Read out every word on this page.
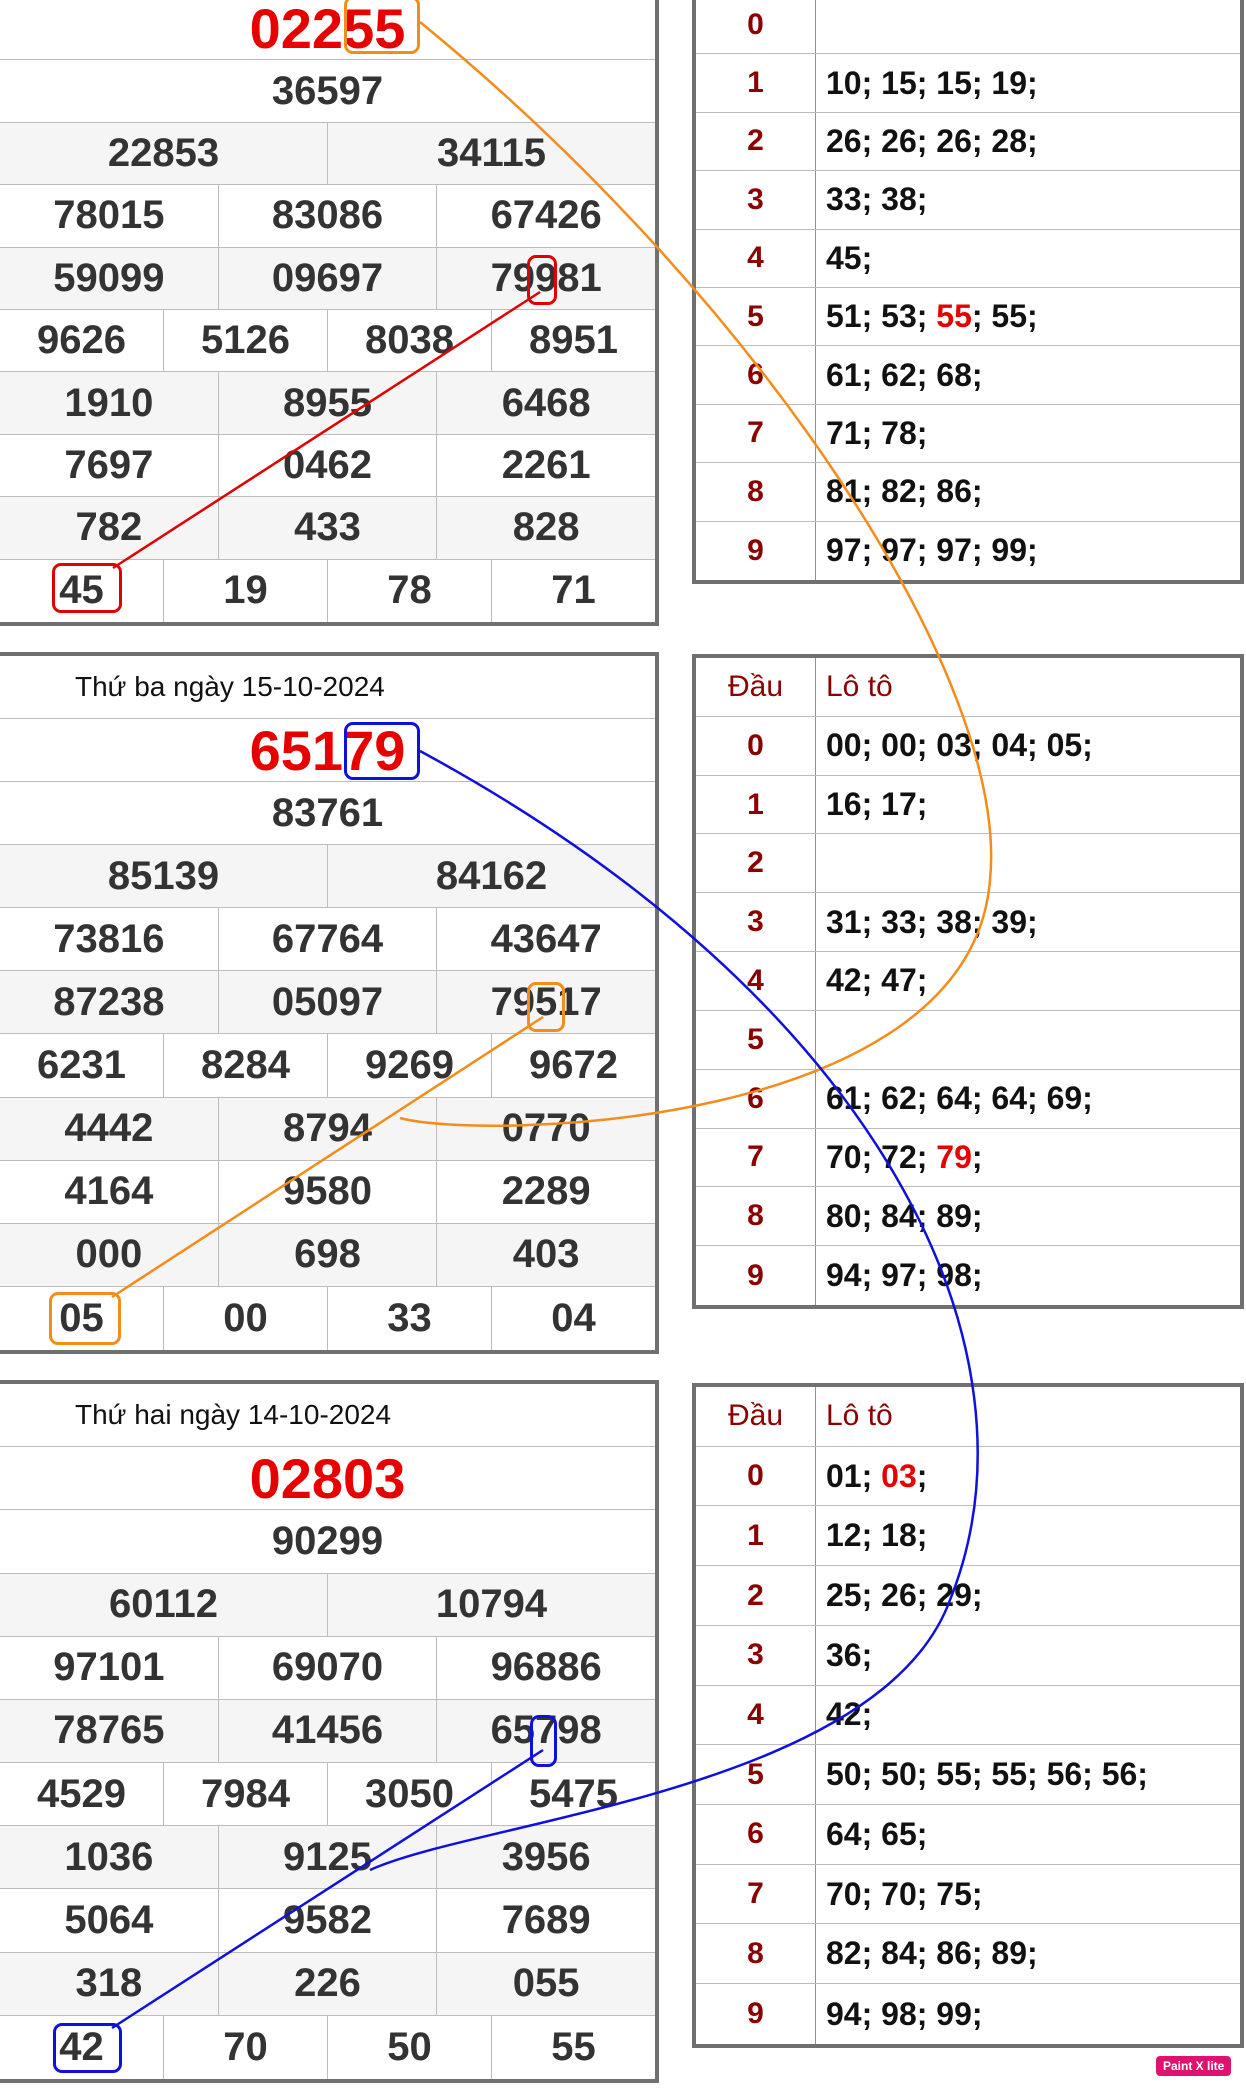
022 55
36597
22853	34115
78015	83086	67426
59099	09697	79981
9626	5126	8038	8951
1910	8955	6468
7697	0462	2261
782	433	828
45	19	78	71
Thứ ba ngày 15-10-2024
651 79
83761
85139	84162
73816	67764	43647
87238	05097	79517
6231	8284	9269	9672
4442	8794	0770
4164	9580	2289
000	698	403
05	00	33	04
Thứ hai ngày 14-10-2024
02803
90299
60112	10794
97101	69070	96886
78765	41456	65798
4529	7984	3050	5475
1036	9125	3956
5064	9582	7689
318	226	055
42	70	50	55
0
1	10; 15; 15; 19;
2	26; 26; 26; 28;
3	33; 38;
4	45;
5	51; 53; 55 ; 55;
6	61; 62; 68;
7	71; 78;
8	81; 82; 86;
9	97; 97; 97; 99;
Đầu	Lô tô
0	00; 00; 03; 04; 05;
1	16; 17;
2
3	31; 33; 38; 39;
4	42; 47;
5
6	61; 62; 64; 64; 69;
7	70; 72; 79 ;
8	80; 84; 89;
9	94; 97; 98;
Đầu	Lô tô
0	01; 03 ;
1	12; 18;
2	25; 26; 29;
3	36;
4	42;
5	50; 50; 55; 55; 56; 56;
6	64; 65;
7	70; 70; 75;
8	82; 84; 86; 89;
9	94; 98; 99;
Paint X lite
